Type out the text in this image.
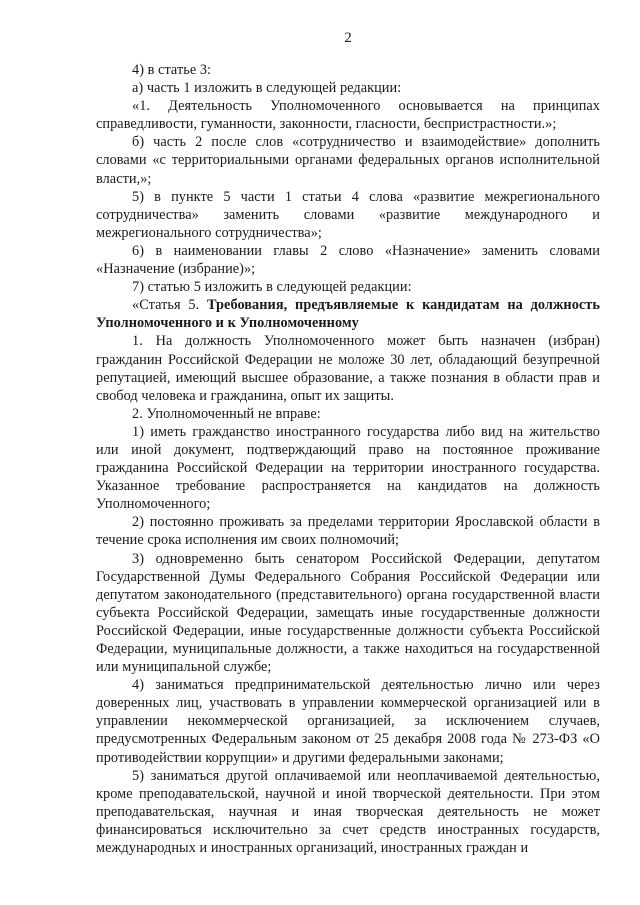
2

4) в статье 3:

а) часть 1 изложить в следующей редакции:

«1. Деятельность Уполномоченного основывается на принципах справедливости, гуманности, законности, гласности, беспристрастности.»;

б) часть 2 после слов «сотрудничество и взаимодействие» дополнить словами «с территориальными органами федеральных органов исполнительной власти,»;

5) в пункте 5 части 1 статьи 4 слова «развитие межрегионального сотрудничества» заменить словами «развитие международного и межрегионального сотрудничества»;

6) в наименовании главы 2 слово «Назначение» заменить словами «Назначение (избрание)»;

7) статью 5 изложить в следующей редакции:

«Статья 5. Требования, предъявляемые к кандидатам на должность Уполномоченного и к Уполномоченному

1. На должность Уполномоченного может быть назначен (избран) гражданин Российской Федерации не моложе 30 лет, обладающий безупречной репутацией, имеющий высшее образование, а также познания в области прав и свобод человека и гражданина, опыт их защиты.

2. Уполномоченный не вправе:

1) иметь гражданство иностранного государства либо вид на жительство или иной документ, подтверждающий право на постоянное проживание гражданина Российской Федерации на территории иностранного государства. Указанное требование распространяется на кандидатов на должность Уполномоченного;

2) постоянно проживать за пределами территории Ярославской области в течение срока исполнения им своих полномочий;

3) одновременно быть сенатором Российской Федерации, депутатом Государственной Думы Федерального Собрания Российской Федерации или депутатом законодательного (представительного) органа государственной власти субъекта Российской Федерации, замещать иные государственные должности Российской Федерации, иные государственные должности субъекта Российской Федерации, муниципальные должности, а также находиться на государственной или муниципальной службе;

4) заниматься предпринимательской деятельностью лично или через доверенных лиц, участвовать в управлении коммерческой организацией или в управлении некоммерческой организацией, за исключением случаев, предусмотренных Федеральным законом от 25 декабря 2008 года № 273-ФЗ «О противодействии коррупции» и другими федеральными законами;

5) заниматься другой оплачиваемой или неоплачиваемой деятельностью, кроме преподавательской, научной и иной творческой деятельности. При этом преподавательская, научная и иная творческая деятельность не может финансироваться исключительно за счет средств иностранных государств, международных и иностранных организаций, иностранных граждан и
